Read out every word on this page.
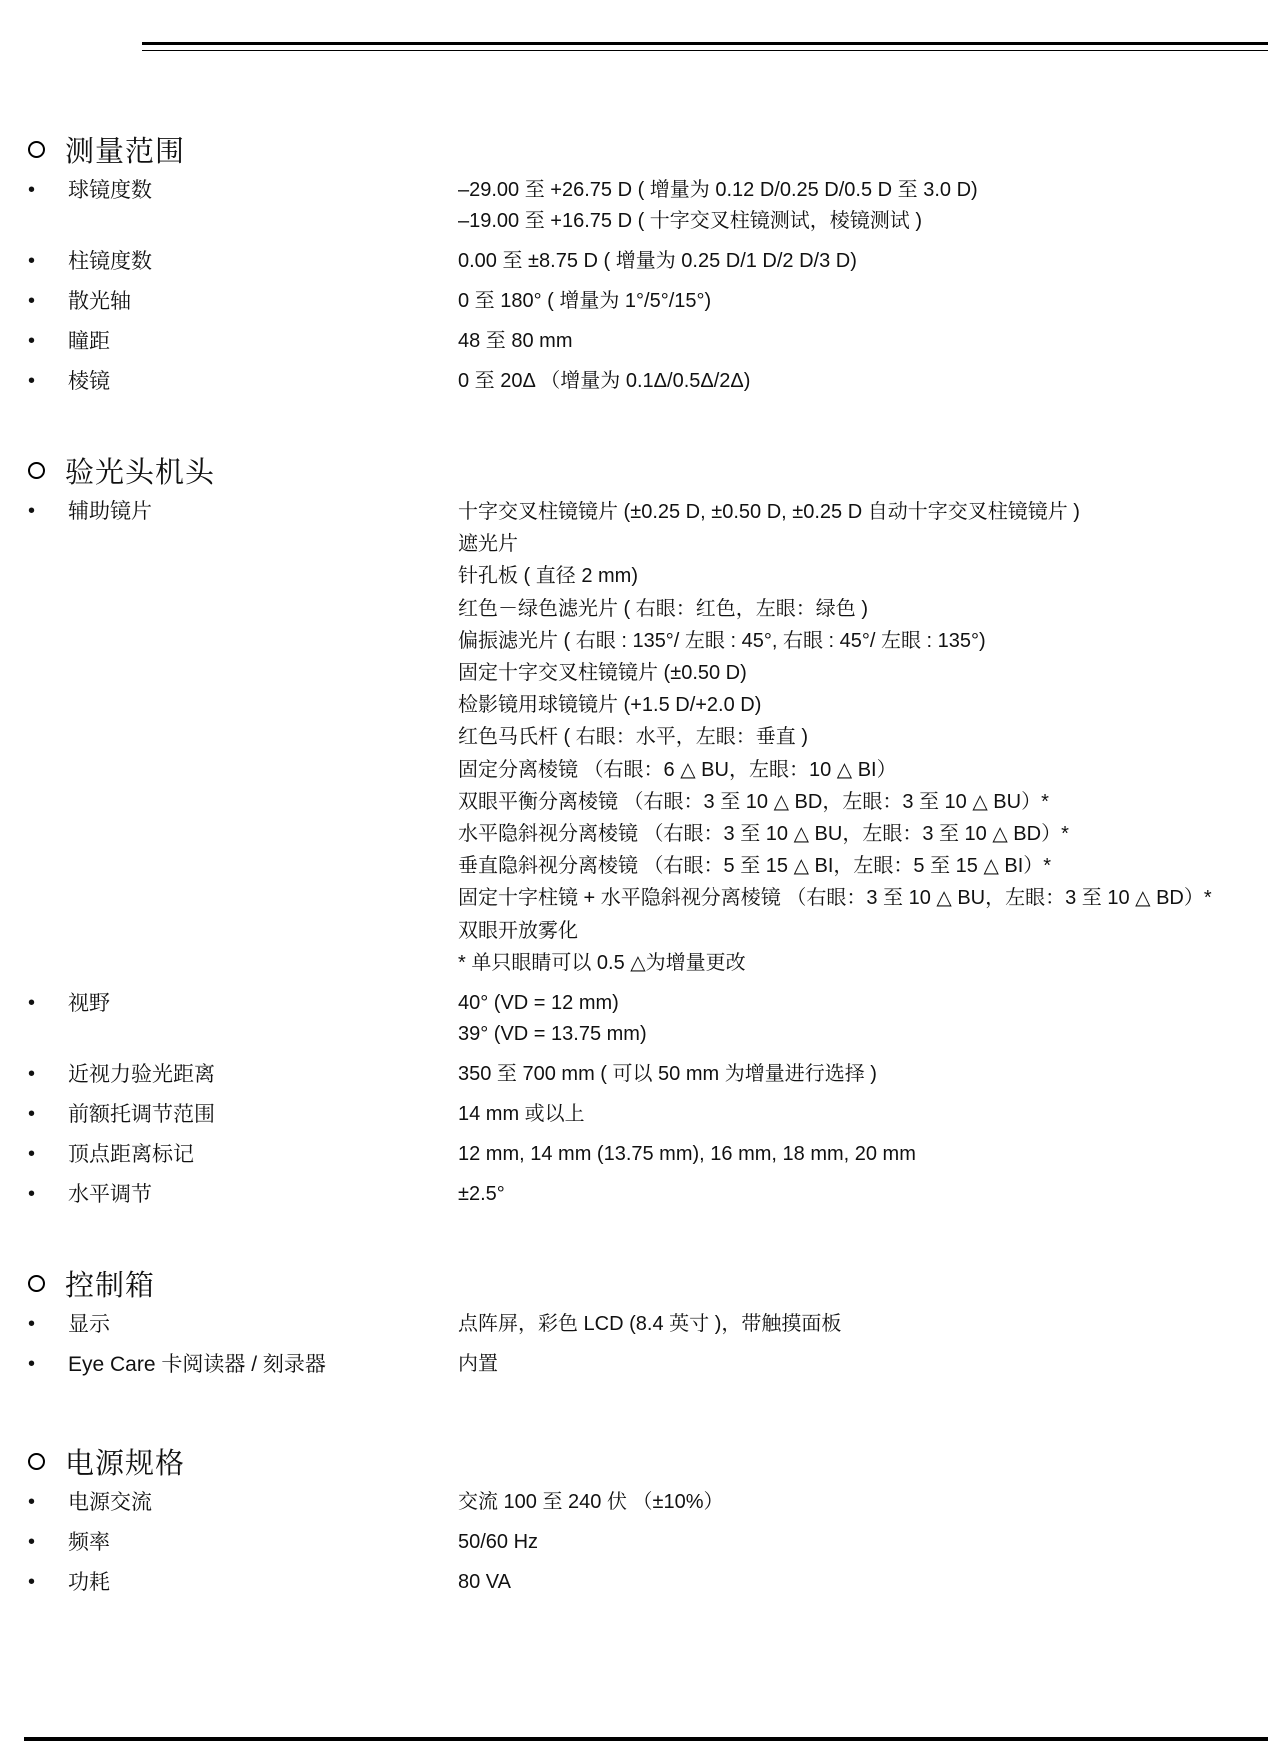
测量范围
•	球镜度数	–29.00 至 +26.75 D ( 增量为 0.12 D/0.25 D/0.5 D 至 3.0 D)
–19.00 至 +16.75 D ( 十字交叉柱镜测试，棱镜测试 )
•	柱镜度数	0.00 至 ±8.75 D ( 增量为 0.25 D/1 D/2 D/3 D)
•	散光轴	0 至 180° ( 增量为 1°/5°/15°)
•	瞳距	48 至 80 mm
•	棱镜	0 至 20Δ （增量为 0.1Δ/0.5Δ/2Δ)
验光头机头
•	辅助镜片	十字交叉柱镜镜片 (±0.25 D, ±0.50 D, ±0.25 D 自动十字交叉柱镜镜片 )
遮光片
针孔板 ( 直径 2 mm)
红色－绿色滤光片 ( 右眼：红色，左眼：绿色 )
偏振滤光片 ( 右眼 : 135°/ 左眼 : 45°, 右眼 : 45°/ 左眼 : 135°)
固定十字交叉柱镜镜片 (±0.50 D)
检影镜用球镜镜片 (+1.5 D/+2.0 D)
红色马氏杆 ( 右眼：水平，左眼：垂直 )
固定分离棱镜 （右眼：6 △ BU，左眼：10 △ BI）
双眼平衡分离棱镜 （右眼：3 至 10 △ BD，左眼：3 至 10 △ BU）*
水平隐斜视分离棱镜 （右眼：3 至 10 △ BU，左眼：3 至 10 △ BD）*
垂直隐斜视分离棱镜 （右眼：5 至 15 △ BI，左眼：5 至 15 △ BI）*
固定十字柱镜 + 水平隐斜视分离棱镜 （右眼：3 至 10 △ BU，左眼：3 至 10 △ BD）*
双眼开放雾化
* 单只眼睛可以 0.5 △为增量更改
•	视野	40° (VD = 12 mm)
39° (VD = 13.75 mm)
•	近视力验光距离	350 至 700 mm ( 可以 50 mm 为增量进行选择 )
•	前额托调节范围	14 mm 或以上
•	顶点距离标记	12 mm, 14 mm (13.75 mm), 16 mm, 18 mm, 20 mm
•	水平调节	±2.5°
控制箱
•	显示	点阵屏，彩色 LCD (8.4 英寸 )，带触摸面板
•	Eye Care 卡阅读器 / 刻录器	内置
电源规格
•	电源交流	交流 100 至 240 伏 （±10%）
•	频率	50/60 Hz
•	功耗	80 VA
